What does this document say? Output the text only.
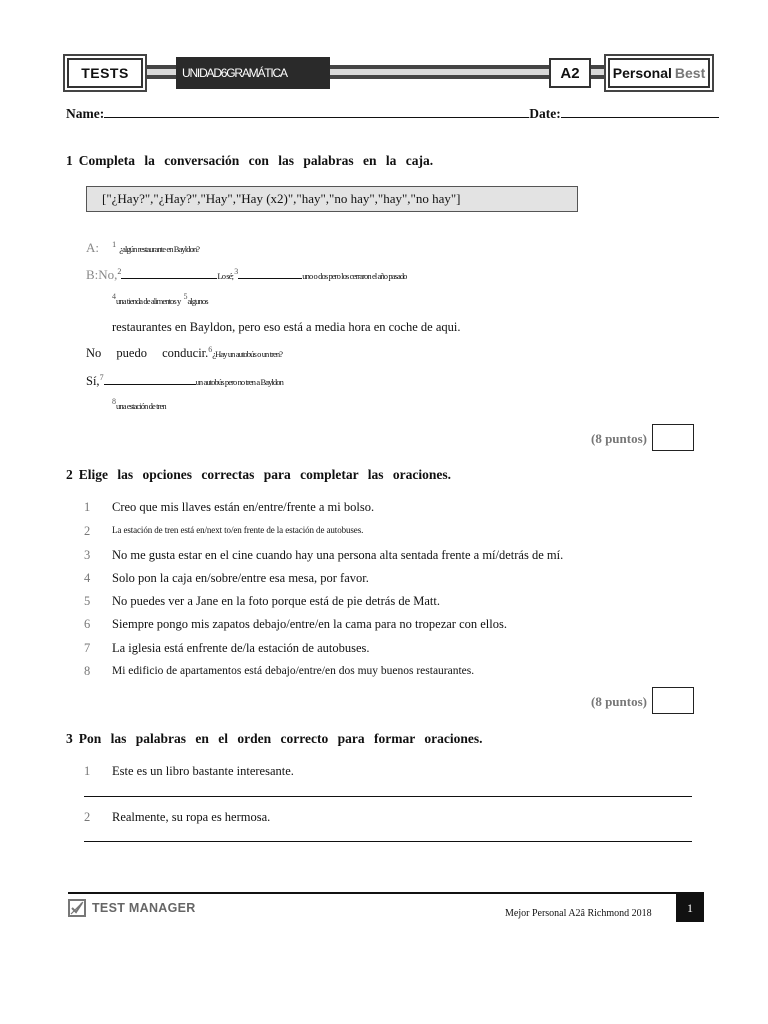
TESTS	UNIDAD6GRAMÁTICA	A2	Personal Best
Name:	Date:
1 Completa la conversación con las palabras en la caja.
["¿Hay?","¿Hay?","Hay","Hay (x2)","hay","no hay","hay","no hay"]
A: $^1$ ¿algún restaurante en Bayldon?
B:No,$^2$	Lo sé; $^3$	uno o dos pero los cerraron el año pasado
$^4$una tienda de alimentos y $^5$algunos
restaurantes en Bayldon, pero eso está a media hora en coche de aqui.
No puedo conducir.$^6$¿Hay un autobús o un tren?
Sí,$^7$	un autobús pero no tren a Bayldon
$^8$una estación de tren
(8 puntos)
2 Elige las opciones correctas para completar las oraciones.
1	Creo que mis llaves están en/entre/frente a mi bolso.
2	La estación de tren está en/next to/en frente de la estación de autobuses.
3	No me gusta estar en el cine cuando hay una persona alta sentada frente a mí/detrás de mí.
4	Solo pon la caja en/sobre/entre esa mesa, por favor.
5	No puedes ver a Jane en la foto porque está de pie detrás de Matt.
6	Siempre pongo mis zapatos debajo/entre/en la cama para no tropezar con ellos.
7	La iglesia está enfrente de/la estación de autobuses.
8	Mi edificio de apartamentos está debajo/entre/en dos muy buenos restaurantes.
(8 puntos)
3 Pon las palabras en el orden correcto para formar oraciones.
1	Este es un libro bastante interesante.
2	Realmente, su ropa es hermosa.
TEST MANAGER	Mejor Personal A2â Richmond 2018	1
